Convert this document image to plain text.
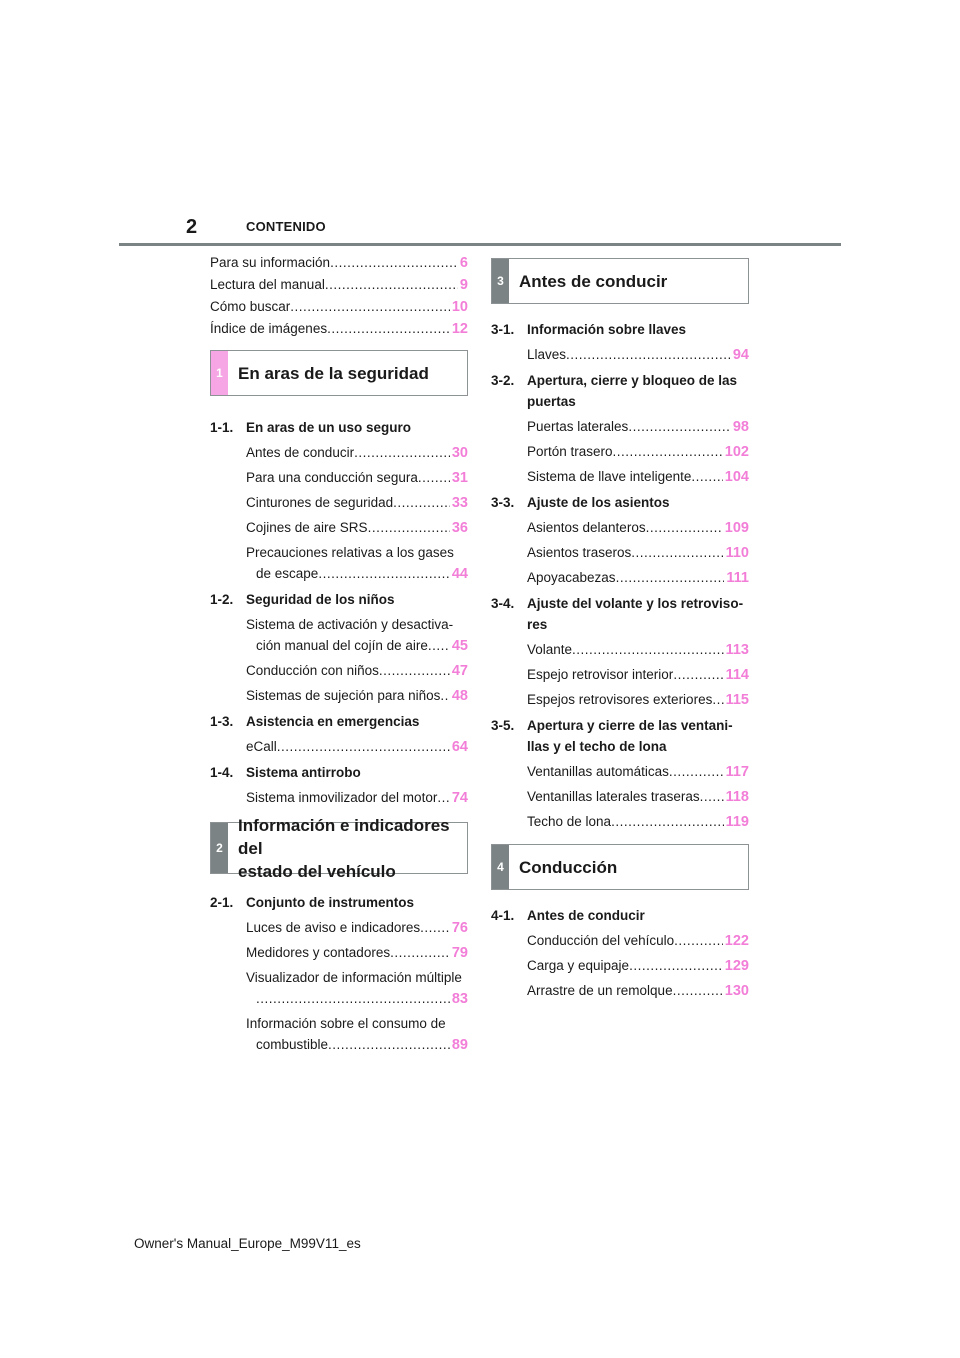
2	CONTENIDO
Para su información .....	6
Lectura del manual .....	9
Cómo buscar .....	10
Índice de imágenes .....	12
1 En aras de la seguridad
1-1. En aras de un uso seguro
Antes de conducir .....	30
Para una conducción segura ..... 31
Cinturones de seguridad .....	33
Cojines de aire SRS .....	36
Precauciones relativas a los gases
de escape .....	44
1-2. Seguridad de los niños
Sistema de activación y desactiva-
ción manual del cojín de aire ..... 45
Conducción con niños .....	47
Sistemas de sujeción para niños ..... 48
1-3. Asistencia en emergencias
eCall .....	64
1-4. Sistema antirrobo
Sistema inmovilizador del motor ..... 74
2
Información e indicadores del
estado del vehículo
2-1. Conjunto de instrumentos
Luces de aviso e indicadores ..... 76
Medidores y contadores .....	79
Visualizador de información múltiple
.....
83
Información sobre el consumo de
combustible .....	89
3 Antes de conducir
3-1. Información sobre llaves
Llaves .....	94
3-2. Apertura, cierre y bloqueo de las
puertas
Puertas laterales .....	98
Portón trasero .....	102
Sistema de llave inteligente ..... 104
3-3. Ajuste de los asientos
Asientos delanteros .....	109
Asientos traseros .....	110
Apoyacabezas .....	111
3-4. Ajuste del volante y los retroviso-
res
Volante .....	113
Espejo retrovisor interior .....	114
Espejos retrovisores exteriores ..... 115
3-5. Apertura y cierre de las ventani-
llas y el techo de lona
Ventanillas automáticas .....	117
Ventanillas laterales traseras ..... 118
Techo de lona .....	119
4 Conducción
4-1. Antes de conducir
Conducción del vehículo .....	122
Carga y equipaje .....	129
Arrastre de un remolque .....	130
Owner's Manual_Europe_M99V11_es
